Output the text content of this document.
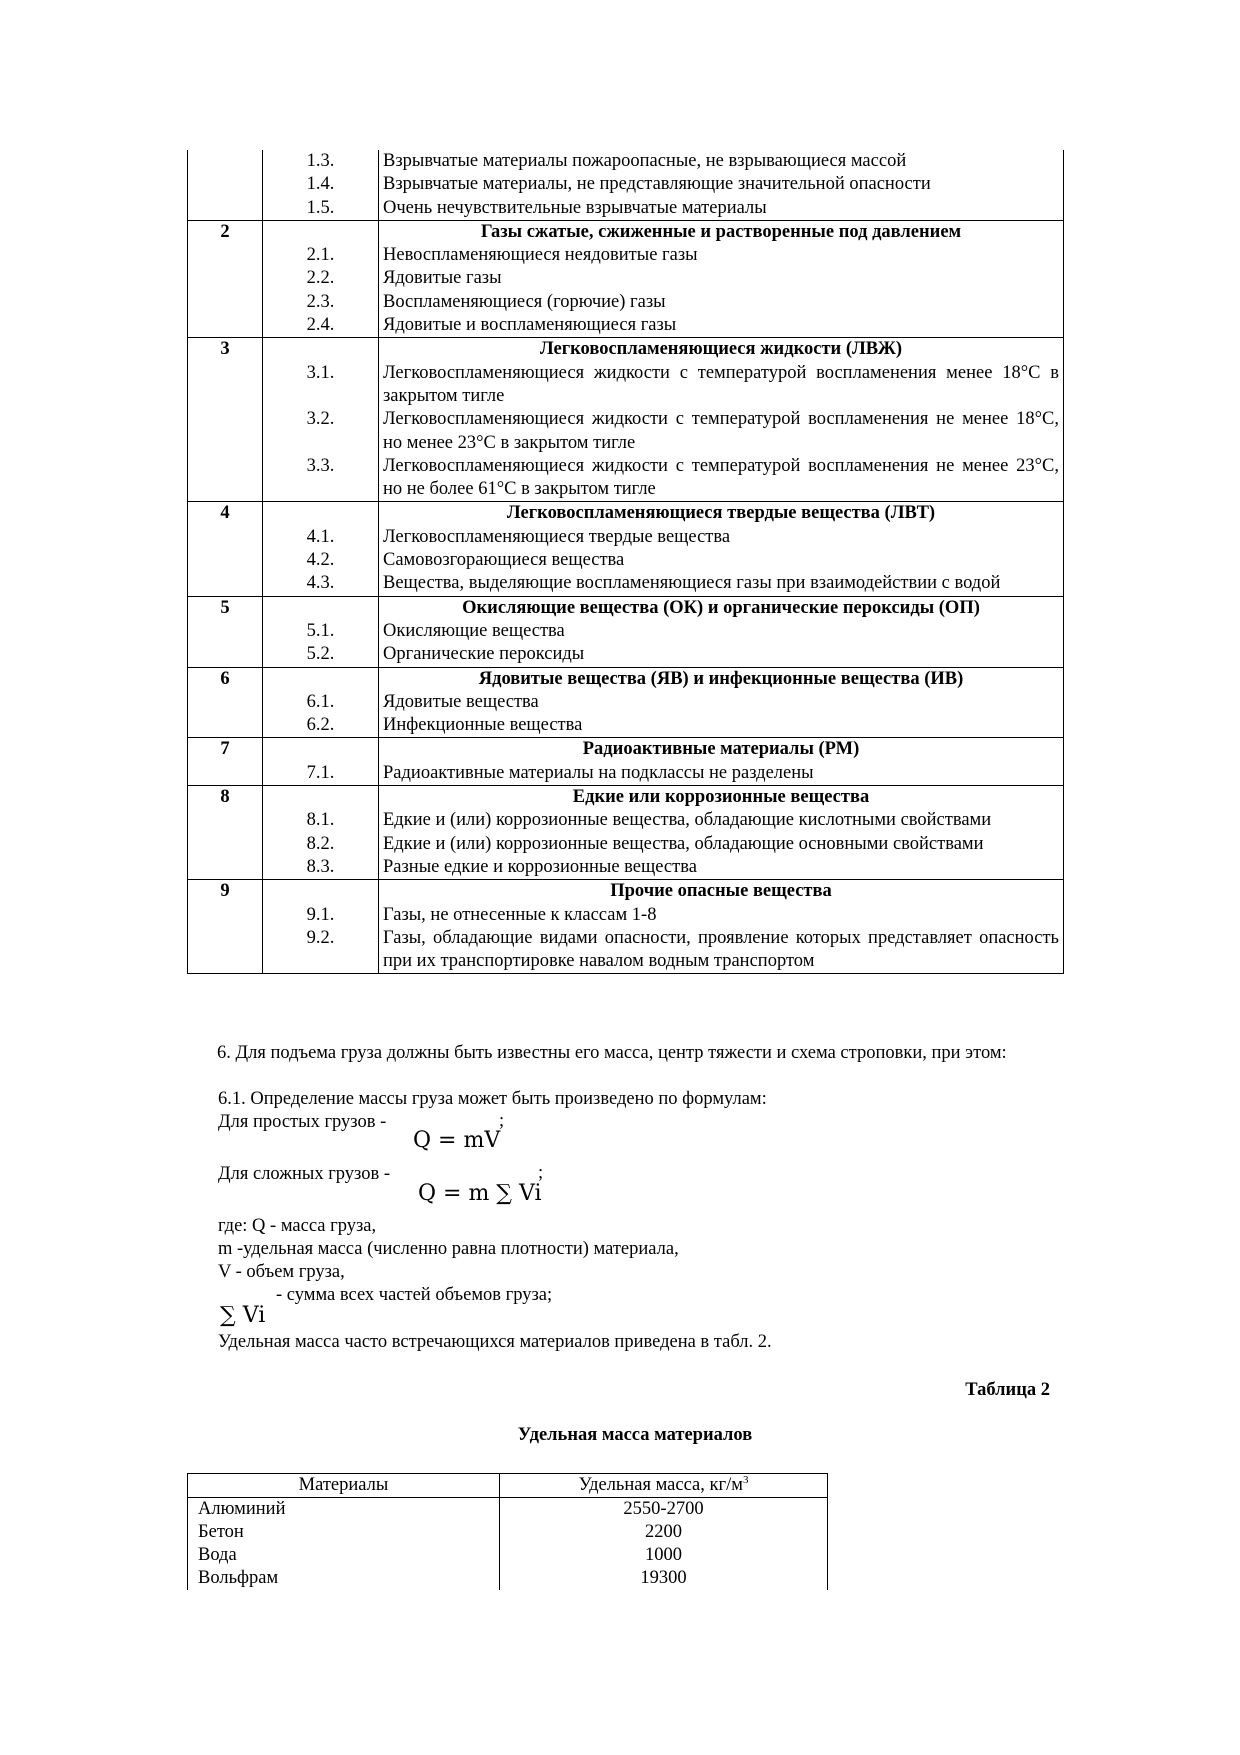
	1.3.	Взрывчатые материалы пожароопасные, не взрывающиеся массой
	1.4.	Взрывчатые материалы, не представляющие значительной опасности
	1.5.	Очень нечувствительные взрывчатые материалы
2		Газы сжатые, сжиженные и растворенные под давлением
	2.1.	Невоспламеняющиеся неядовитые газы
	2.2.	Ядовитые газы
	2.3.	Воспламеняющиеся (горючие) газы
	2.4.	Ядовитые и воспламеняющиеся газы
3		Легковоспламеняющиеся жидкости (ЛВЖ)
	3.1.	Легковоспламеняющиеся жидкости с температурой воспламенения менее 18°С в закрытом тигле
	3.2.	Легковоспламеняющиеся жидкости с температурой воспламенения не менее 18°С, но менее 23°С в закрытом тигле
	3.3.	Легковоспламеняющиеся жидкости с температурой воспламенения не менее 23°С, но не более 61°С в закрытом тигле
4		Легковоспламеняющиеся твердые вещества (ЛВТ)
	4.1.	Легковоспламеняющиеся твердые вещества
	4.2.	Самовозгорающиеся вещества
	4.3.	Вещества, выделяющие воспламеняющиеся газы при взаимодействии с водой
5		Окисляющие вещества (ОК) и органические пероксиды (ОП)
	5.1.	Окисляющие вещества
	5.2.	Органические пероксиды
6		Ядовитые вещества (ЯВ) и инфекционные вещества (ИВ)
	6.1.	Ядовитые вещества
	6.2.	Инфекционные вещества
7		Радиоактивные материалы (РМ)
	7.1.	Радиоактивные материалы на подклассы не разделены
8		Едкие или коррозионные вещества
	8.1.	Едкие и (или) коррозионные вещества, обладающие кислотными свойствами
	8.2.	Едкие и (или) коррозионные вещества, обладающие основными свойствами
	8.3.	Разные едкие и коррозионные вещества
9		Прочие опасные вещества
	9.1.	Газы, не отнесенные к классам 1-8
	9.2.	Газы, обладающие видами опасности, проявление которых представляет опасность при их транспортировке навалом водным транспортом
6. Для подъема груза должны быть известны его масса, центр тяжести и схема строповки, при этом:
6.1. Определение массы груза может быть произведено по формулам:
Для простых грузов -
Q = mV
;
Для сложных грузов -
Q = m ∑ Vi
;
где: Q - масса груза,
m -удельная масса (численно равна плотности) материала,
V - объем груза,
- сумма всех частей объемов груза;
∑ Vi
Удельная масса часто встречающихся материалов приведена в табл. 2.
Таблица 2
Удельная масса материалов
Материалы	Удельная масса, $кг/м^3$
Алюминий	2550-2700
Бетон	2200
Вода	1000
Вольфрам	19300
